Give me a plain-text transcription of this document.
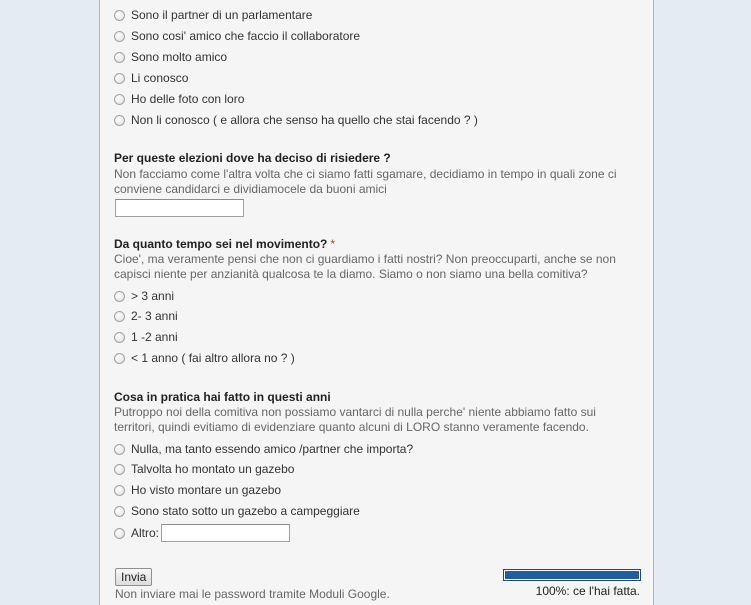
Sono il partner di un parlamentare
Sono cosi' amico che faccio il collaboratore
Sono molto amico
Li conosco
Ho delle foto con loro
Non li conosco ( e allora che senso ha quello che stai facendo ? )
Per queste elezioni dove ha deciso di risiedere ?
Non facciamo come l'altra volta che ci siamo fatti sgamare, decidiamo in tempo in quali zone ci conviene candidarci e dividiamocele da buoni amici
Da quanto tempo sei nel movimento? *
Cioe', ma veramente pensi che non ci guardiamo i fatti nostri? Non preoccuparti, anche se non capisci niente per anzianità qualcosa te la diamo. Siamo o non siamo una bella comitiva?
> 3 anni
2- 3 anni
1 -2 anni
< 1 anno ( fai altro allora no ? )
Cosa in pratica hai fatto in questi anni
Putroppo noi della comitiva non possiamo vantarci di nulla perche' niente abbiamo fatto sui territori, quindi evitiamo di evidenziare quanto alcuni di LORO stanno veramente facendo.
Nulla, ma tanto essendo amico /partner che importa?
Talvolta ho montato un gazebo
Ho visto montare un gazebo
Sono stato sotto un gazebo a campeggiare
Altro:
Invia
Non inviare mai le password tramite Moduli Google.	100%: ce l'hai fatta.
